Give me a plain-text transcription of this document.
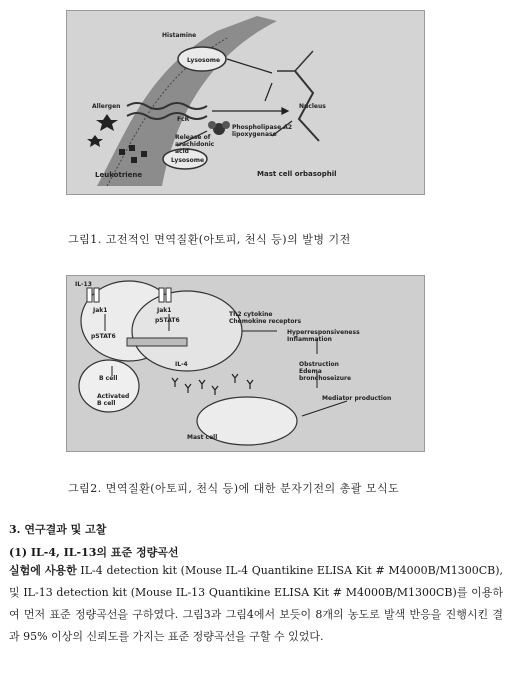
Lysosome
Lysosome
Histamine
Allergen
FcR
Nucleus
Phospholipase A2 lipoxygenase
Release of arachidonic acid
Leukotriene	Mast cell orbasophil
그림1. 고전적인 면역질환(아토피, 천식 등)의 발병 기전
IL-13
Jak1	Jak1
pSTAT6
pSTAT6
Th2 cytokine Chemokine receptors
Hyperresponsiveness Inflammation
Obstruction Edema bronchoseizure
IL-4
B cell
Activated B cell
Mast cell
Mediator production
그림2. 면역질환(아토피, 천식 등)에 대한 분자기전의 총괄 모식도
3. 연구결과 및 고찰
(1) IL-4, IL-13의 표준 정량곡선
실험에 사용한 IL-4 detection kit (Mouse IL-4 Quantikine ELISA Kit # M4000B/M1300CB), 및 IL-13 detection kit (Mouse IL-13 Quantikine ELISA Kit # M4000B/M1300CB)를 이용하여 먼저 표준 정량곡선을 구하였다. 그림3과 그림4에서 보듯이 8개의 농도로 발색 반응을 진행시킨 결과 95% 이상의 신뢰도를 가지는 표준 정량곡선을 구할 수 있었다.
